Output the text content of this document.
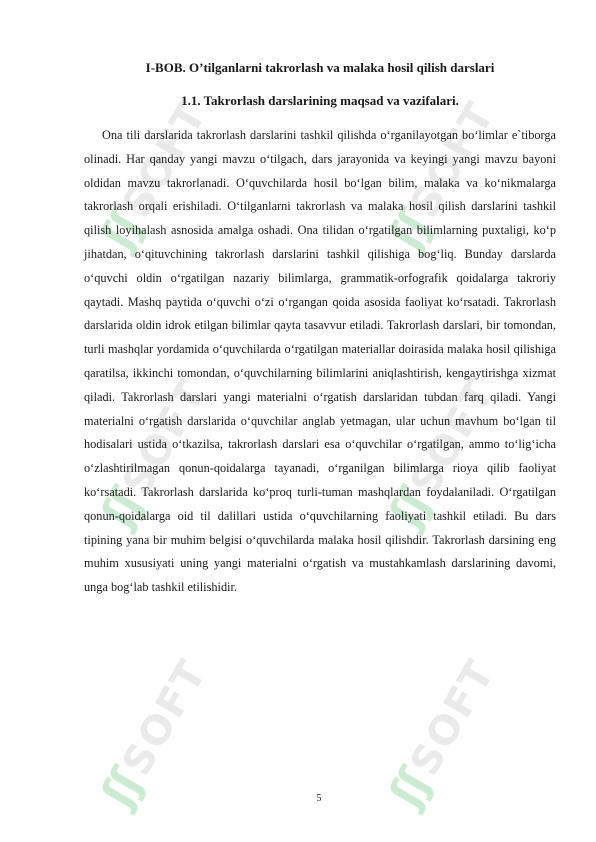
ʃʃ SOFT
ʃʃ SOFT
ʃʃ SOFT
ʃʃ SOFT
ʃʃ SOFT
ʃʃ SOFT
I-BOB. O’tilganlarni takrorlash va malaka hosil qilish darslari
1.1. Takrorlash darslarining maqsad va vazifalari.

Ona tili darslarida takrorlash darslarini tashkil qilishda o‘rganilayotgan bo‘limlar e`tiborga olinadi. Har qanday yangi mavzu o‘tilgach, dars jarayonida va keyingi yangi mavzu bayoni oldidan mavzu takrorlanadi. O‘quvchilarda hosil bo‘lgan bilim, malaka va ko‘nikmalarga takrorlash orqali erishiladi. O‘tilganlarni takrorlash va malaka hosil qilish darslarini tashkil qilish loyihalash asnosida amalga oshadi. Ona tilidan o‘rgatilgan bilimlarning puxtaligi, ko‘p jihatdan, o‘qituvchining takrorlash darslarini tashkil qilishiga bog‘liq. Bunday darslarda o‘quvchi oldin o‘rgatilgan nazariy bilimlarga, grammatik-orfografik qoidalarga takroriy qaytadi. Mashq paytida o‘quvchi o‘zi o‘rgangan qoida asosida faoliyat ko‘rsatadi. Takrorlash darslarida oldin idrok etilgan bilimlar qayta tasavvur etiladi. Takrorlash darslari, bir tomondan, turli mashqlar yordamida o‘quvchilarda o‘rgatilgan materiallar doirasida malaka hosil qilishiga qaratilsa, ikkinchi tomondan, o‘quvchilarning bilimlarini aniqlashtirish, kengaytirishga xizmat qiladi. Takrorlash darslari yangi materialni o‘rgatish darslaridan tubdan farq qiladi. Yangi materialni o‘rgatish darslarida o‘quvchilar anglab yetmagan, ular uchun mavhum bo‘lgan til hodisalari ustida o‘tkazilsa, takrorlash darslari esa o‘quvchilar o‘rgatilgan, ammo to‘lig‘icha o‘zlashtirilmagan qonun-qoidalarga tayanadi, o‘rganilgan bilimlarga rioya qilib faoliyat ko‘rsatadi. Takrorlash darslarida ko‘proq turli-tuman mashqlardan foydalaniladi. O‘rgatilgan qonun-qoidalarga oid til dalillari ustida o‘quvchilarning faoliyati tashkil etiladi. Bu dars tipining yana bir muhim belgisi o‘quvchilarda malaka hosil qilishdir. Takrorlash darsining eng muhim xususiyati uning yangi materialni o‘rgatish va mustahkamlash darslarining davomi, unga bog‘lab tashkil etilishidir.

5
